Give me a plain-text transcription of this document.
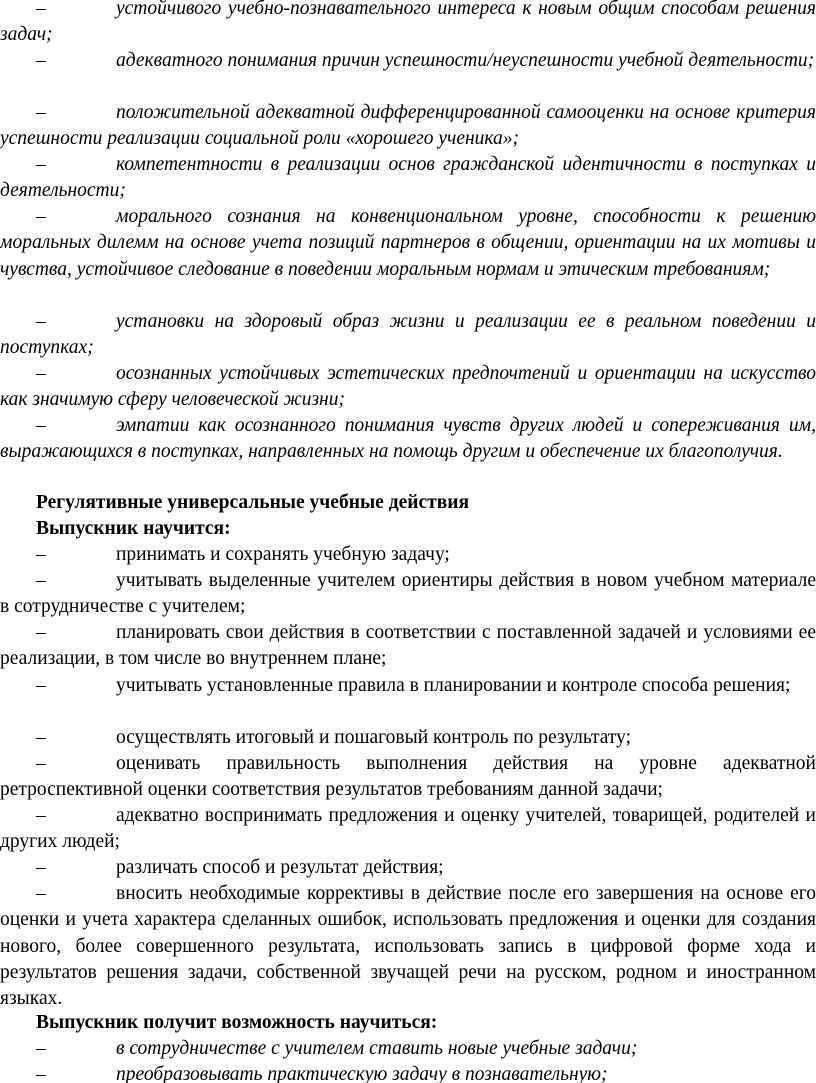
–	устойчивого учебно-познавательного интереса к новым общим способам решения задач;

–	адекватного понимания причин успешности/неуспешности учебной деятельности;

–	положительной адекватной дифференцированной самооценки на основе критерия успешности реализации социальной роли «хорошего ученика»;

–	компетентности в реализации основ гражданской идентичности в поступках и деятельности;

–	морального сознания на конвенциональном уровне, способности к решению моральных дилемм на основе учета позиций партнеров в общении, ориентации на их мотивы и чувства, устойчивое следование в поведении моральным нормам и этическим требованиям;

–	установки на здоровый образ жизни и реализации ее в реальном поведении и поступках;

–	осознанных устойчивых эстетических предпочтений и ориентации на искусство как значимую сферу человеческой жизни;

–	эмпатии как осознанного понимания чувств других людей и сопереживания им, выражающихся в поступках, направленных на помощь другим и обеспечение их благополучия.

Регулятивные универсальные учебные действия

Выпускник научится:

–	принимать и сохранять учебную задачу;

–	учитывать выделенные учителем ориентиры действия в новом учебном материале в сотрудничестве с учителем;

–	планировать свои действия в соответствии с поставленной задачей и условиями ее реализации, в том числе во внутреннем плане;

–	учитывать установленные правила в планировании и контроле способа решения;

–	осуществлять итоговый и пошаговый контроль по результату;

–	оценивать правильность выполнения действия на уровне адекватной ретроспективной оценки соответствия результатов требованиям данной задачи;

–	адекватно воспринимать предложения и оценку учителей, товарищей, родителей и других людей;

–	различать способ и результат действия;

–	вносить необходимые коррективы в действие после его завершения на основе его оценки и учета характера сделанных ошибок, использовать предложения и оценки для создания нового, более совершенного результата, использовать запись в цифровой форме хода и результатов решения задачи, собственной звучащей речи на русском, родном и иностранном языках.

Выпускник получит возможность научиться:

–	в сотрудничестве с учителем ставить новые учебные задачи;

–	преобразовывать практическую задачу в познавательную;
